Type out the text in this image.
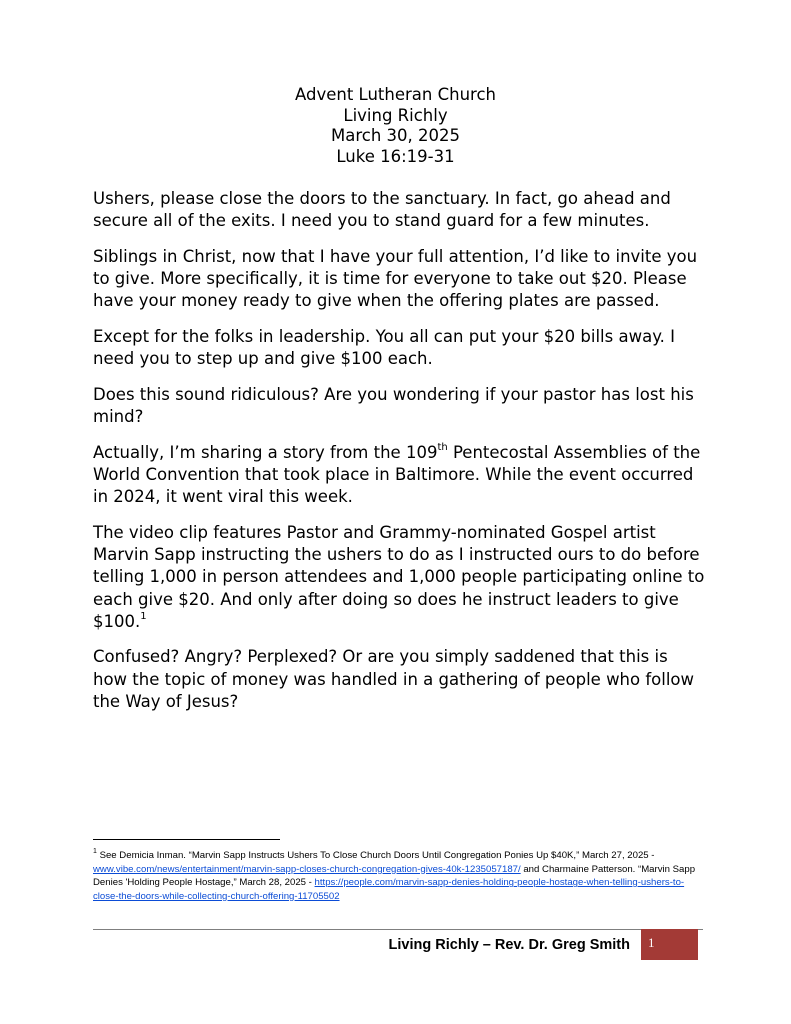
Advent Lutheran Church
Living Richly
March 30, 2025
Luke 16:19-31

Ushers, please close the doors to the sanctuary. In fact, go ahead and secure all of the exits. I need you to stand guard for a few minutes.

Siblings in Christ, now that I have your full attention, I’d like to invite you to give. More specifically, it is time for everyone to take out $20. Please have your money ready to give when the offering plates are passed.

Except for the folks in leadership. You all can put your $20 bills away. I need you to step up and give $100 each.

Does this sound ridiculous? Are you wondering if your pastor has lost his mind?

Actually, I’m sharing a story from the 109th Pentecostal Assemblies of the World Convention that took place in Baltimore. While the event occurred in 2024, it went viral this week.

The video clip features Pastor and Grammy-nominated Gospel artist Marvin Sapp instructing the ushers to do as I instructed ours to do before telling 1,000 in person attendees and 1,000 people participating online to each give $20. And only after doing so does he instruct leaders to give $100.$^1$

Confused? Angry? Perplexed? Or are you simply saddened that this is how the topic of money was handled in a gathering of people who follow the Way of Jesus?

$^1$ See Demicia Inman. “Marvin Sapp Instructs Ushers To Close Church Doors Until Congregation Ponies Up $40K,” March 27, 2025 - www.vibe.com/news/entertainment/marvin-sapp-closes-church-congregation-gives-40k-1235057187/ and Charmaine Patterson. “Marvin Sapp Denies 'Holding People Hostage,” March 28, 2025 - https://people.com/marvin-sapp-denies-holding-people-hostage-when-telling-ushers-to-close-the-doors-while-collecting-church-offering-11705502
Living Richly – Rev. Dr. Greg Smith 1
